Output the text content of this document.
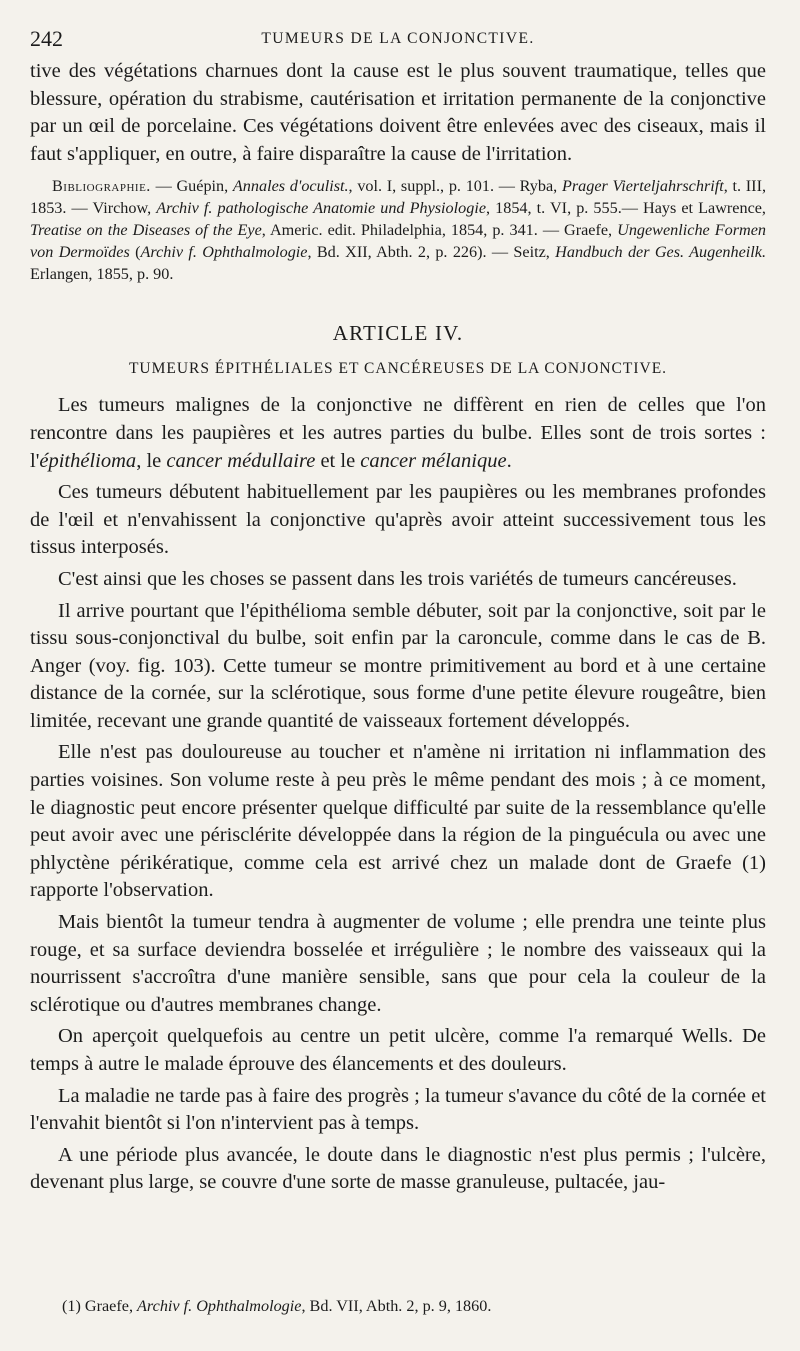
242	TUMEURS DE LA CONJONCTIVE.

tive des végétations charnues dont la cause est le plus souvent traumatique, telles que blessure, opération du strabisme, cautérisation et irritation permanente de la conjonctive par un œil de porcelaine. Ces végétations doivent être enlevées avec des ciseaux, mais il faut s'appliquer, en outre, à faire disparaître la cause de l'irritation.

Bibliographie. — Guépin, Annales d'oculist., vol. I, suppl., p. 101. — Ryba, Prager Vierteljahrschrift, t. III, 1853. — Virchow, Archiv f. pathologische Anatomie und Physiologie, 1854, t. VI, p. 555.— Hays et Lawrence, Treatise on the Diseases of the Eye, Americ. edit. Philadelphia, 1854, p. 341. — Graefe, Ungewenliche Formen von Dermoïdes (Archiv f. Ophthalmologie, Bd. XII, Abth. 2, p. 226). — Seitz, Handbuch der Ges. Augenheilk. Erlangen, 1855, p. 90.

ARTICLE IV.
TUMEURS ÉPITHÉLIALES ET CANCÉREUSES DE LA CONJONCTIVE.

Les tumeurs malignes de la conjonctive ne diffèrent en rien de celles que l'on rencontre dans les paupières et les autres parties du bulbe. Elles sont de trois sortes : l'épithélioma, le cancer médullaire et le cancer mélanique.

Ces tumeurs débutent habituellement par les paupières ou les membranes profondes de l'œil et n'envahissent la conjonctive qu'après avoir atteint successivement tous les tissus interposés.

C'est ainsi que les choses se passent dans les trois variétés de tumeurs cancéreuses.

Il arrive pourtant que l'épithélioma semble débuter, soit par la conjonctive, soit par le tissu sous-conjonctival du bulbe, soit enfin par la caroncule, comme dans le cas de B. Anger (voy. fig. 103). Cette tumeur se montre primitivement au bord et à une certaine distance de la cornée, sur la sclérotique, sous forme d'une petite élevure rougeâtre, bien limitée, recevant une grande quantité de vaisseaux fortement développés.

Elle n'est pas douloureuse au toucher et n'amène ni irritation ni inflammation des parties voisines. Son volume reste à peu près le même pendant des mois ; à ce moment, le diagnostic peut encore présenter quelque difficulté par suite de la ressemblance qu'elle peut avoir avec une périsclérite développée dans la région de la pinguécula ou avec une phlyctène périkératique, comme cela est arrivé chez un malade dont de Graefe (1) rapporte l'observation.

Mais bientôt la tumeur tendra à augmenter de volume ; elle prendra une teinte plus rouge, et sa surface deviendra bosselée et irrégulière ; le nombre des vaisseaux qui la nourrissent s'accroîtra d'une manière sensible, sans que pour cela la couleur de la sclérotique ou d'autres membranes change.

On aperçoit quelquefois au centre un petit ulcère, comme l'a remarqué Wells. De temps à autre le malade éprouve des élancements et des douleurs.

La maladie ne tarde pas à faire des progrès ; la tumeur s'avance du côté de la cornée et l'envahit bientôt si l'on n'intervient pas à temps.

A une période plus avancée, le doute dans le diagnostic n'est plus permis ; l'ulcère, devenant plus large, se couvre d'une sorte de masse granuleuse, pultacée, jau-

(1) Graefe, Archiv f. Ophthalmologie, Bd. VII, Abth. 2, p. 9, 1860.
